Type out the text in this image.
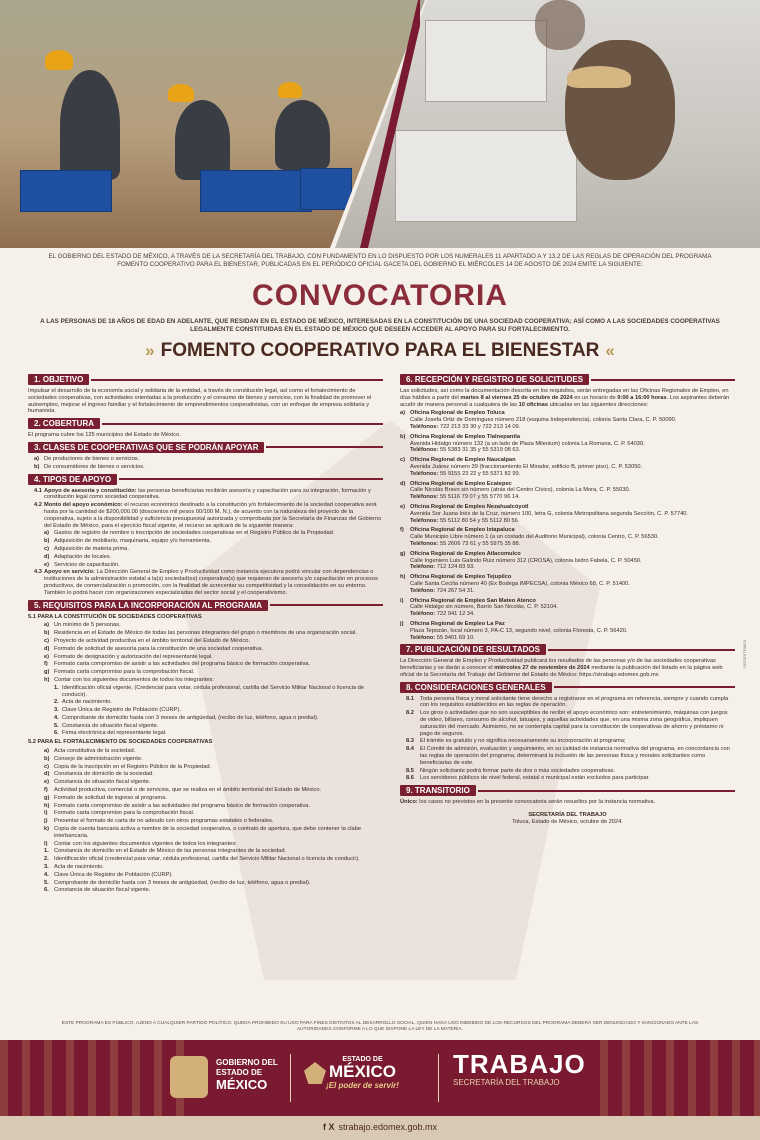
EL GOBIERNO DEL ESTADO DE MÉXICO, A TRAVÉS DE LA SECRETARÍA DEL TRABAJO, CON FUNDAMENTO EN LO DISPUESTO POR LOS NUMERALES 11 APARTADO A Y 13.2 DE LAS REGLAS DE OPERACIÓN DEL PROGRAMA FOMENTO COOPERATIVO PARA EL BIENESTAR, PUBLICADAS EN EL PERIÓDICO OFICIAL GACETA DEL GOBIERNO EL MIÉRCOLES 14 DE AGOSTO DE 2024 EMITE LA SIGUIENTE:
CONVOCATORIA
A LAS PERSONAS DE 18 AÑOS DE EDAD EN ADELANTE, QUE RESIDAN EN EL ESTADO DE MÉXICO, INTERESADAS EN LA CONSTITUCIÓN DE UNA SOCIEDAD COOPERATIVA; ASÍ COMO A LAS SOCIEDADES COOPERATIVAS LEGALMENTE CONSTITUIDAS EN EL ESTADO DE MÉXICO QUE DESEEN ACCEDER AL APOYO PARA SU FORTALECIMIENTO.
» FOMENTO COOPERATIVO PARA EL BIENESTAR «
1. OBJETIVO

Impulsar el desarrollo de la economía social y solidaria de la entidad, a través de constitución legal, así como el fortalecimiento de sociedades cooperativas, con actividades orientadas a la producción y el consumo de bienes y servicios, con la finalidad de promover el autoempleo, mejorar el ingreso familiar y el fortalecimiento de emprendimientos cooperativistas, con un enfoque de empresa solidaria y humanista.

2. COBERTURA

El programa cubre los 125 municipios del Estado de México.

3. CLASES DE COOPERATIVAS QUE SE PODRÁN APOYAR
a) De productores de bienes o servicios.
b) De consumidores de bienes o servicios.
4. TIPOS DE APOYO
4.1 Apoyo de asesoría y constitución: las personas beneficiarias recibirán asesoría y capacitación para su integración, formación y constitución legal como sociedad cooperativa.
4.2 Monto del apoyo económico: el recurso económico destinado a la constitución y/o fortalecimiento de la sociedad cooperativa será hasta por la cantidad de $200,000.00 (doscientos mil pesos 00/100 M. N.), de acuerdo con la naturaleza del proyecto de la cooperativa, sujeto a la disponibilidad y suficiencia presupuestal autorizada y comprobada por la Secretaría de Finanzas del Gobierno del Estado de México, para el ejercicio fiscal vigente, el recurso se aplicará de la siguiente manera:
a) Gastos de registro de nombre o inscripción de sociedades cooperativas en el Registro Público de la Propiedad.
b) Adquisición de mobiliario, maquinaria, equipo y/o herramienta.
c) Adquisición de materia prima.
d) Adaptación de locales.
e) Servicios de capacitación.
4.3 Apoyo en servicio: La Dirección General de Empleo y Productividad como instancia ejecutora podrá vincular con dependencias o instituciones de la administración estatal a la(s) sociedad(es) cooperativa(s) que requieran de asesoría y/o capacitación en procesos productivos, de comercialización o promoción, con la finalidad de acrecentar su competitividad y la consolidación en su entorno. También lo podrá hacer con organizaciones especializadas del sector social y el cooperativismo.
5. REQUISITOS PARA LA INCORPORACIÓN AL PROGRAMA
5.1 PARA LA CONSTITUCIÓN DE SOCIEDADES COOPERATIVAS
a) Un mínimo de 5 personas.
b) Residencia en el Estado de México de todas las personas integrantes del grupo o miembros de una organización social.
c) Proyecto de actividad productiva en el ámbito territorial del Estado de México.
d) Formato de solicitud de asesoría para la constitución de una sociedad cooperativa.
e) Formato de designación y autorización del representante legal.
f)	Formato carta compromiso de asistir a las actividades del programa básico de formación cooperativa.
g) Formato carta compromiso para la comprobación fiscal.
h) Contar con los siguientes documentos de todos los integrantes:
1. Identificación oficial vigente, (Credencial para votar, cédula profesional, cartilla del Servicio Militar Nacional o licencia de conducir).
2. Acta de nacimiento.
3. Clave Única de Registro de Población (CURP).
4. Comprobante de domicilio hasta con 3 meses de antigüedad, (recibo de luz, teléfono, agua o predial).
5. Constancia de situación fiscal vigente.
6. Firma electrónica del representante legal.
5.2 PARA EL FORTALECIMIENTO DE SOCIEDADES COOPERATIVAS
a) Acta constitutiva de la sociedad.
b) Consejo de administración vigente.
c) Copia de la inscripción en el Registro Público de la Propiedad.
d) Constancia de domicilio de la sociedad.
e) Constancia de situación fiscal vigente.
f)	Actividad productiva, comercial o de servicios, que se realiza en el ámbito territorial del Estado de México.
g) Formato de solicitud de ingreso al programa.
h) Formato carta compromiso de asistir a las actividades del programa básico de formación cooperativa.
i)	Formato carta compromiso para la comprobación fiscal.
j)	Presentar el formato de carta de no adeudo con otros programas estatales o federales.
k) Copia de cuenta bancaria activa a nombre de la sociedad cooperativa, o contrato de apertura, que debe contener la clabe interbancaria.
l)	Contar con los siguientes documentos vigentes de todos los integrantes:
1. Constancia de domicilio en el Estado de México de las personas integrantes de la sociedad.
2. Identificación oficial (credencial para votar, cédula profesional, cartilla del Servicio Militar Nacional o licencia de conducir).
3. Acta de nacimiento.
4. Clave Única de Registro de Población (CURP).
5. Comprobante de domicilio hasta con 3 meses de antigüedad, (recibo de luz, teléfono, agua o predial).
6. Constancia de situación fiscal vigente.
6. RECEPCIÓN Y REGISTRO DE SOLICITUDES

Las solicitudes, así como la documentación descrita en los requisitos, serán entregadas en las Oficinas Regionales de Empleo, en días hábiles a partir del martes 8 al viernes 25 de octubre de 2024 en un horario de 9:00 a 16:00 horas. Los aspirantes deberán acudir de manera personal a cualquiera de las 10 oficinas ubicadas en las siguientes direcciones:

a) Oficina Regional de Empleo Toluca
Calle Josefa Ortiz de Domínguez número 218 (esquina Independencia), colonia Santa Clara, C. P. 50090.
Teléfonos: 722 213 33 30 y 722 213 14 09.
b) Oficina Regional de Empleo Tlalnepantla
Avenida Hidalgo número 132 (a un lado de Plaza Milenium) colonia La Romana, C. P. 54030.
Teléfonos: 55 5383 31 35 y 55 5319 08 63.
c) Oficina Regional de Empleo Naucalpan
Avenida Juárez número 39 (fraccionamiento El Mirador, edificio B, primer piso), C. P. 53050.
Teléfonos: 55 9155 23 22 y 55 5371 82 99.
d) Oficina Regional de Empleo Ecatepec
Calle Nicolás Bravo sin número (atrás del Centro Cívico), colonia La Mora, C. P. 55030.
Teléfonos: 55 5116 79 07 y 55 5770 96 14.
e) Oficina Regional de Empleo Nezahualcóyotl
Avenida Sor Juana Inés de la Cruz, número 100, letra G, colonia Metropolitana segunda Sección, C. P. 57740.
Teléfonos: 55 5112 80 54 y 55 5112 80 56.
f)	Oficina Regional de Empleo Ixtapaluca
Calle Municipio Libre número 1 (a un costado del Auditorio Municipal), colonia Centro, C. P. 56530.
Teléfonos: 55 2606 73 61 y 55 5975 35 88.
g) Oficina Regional de Empleo Atlacomulco
Calle Ingeniero Luis Galindo Ruiz número 312 (CROSA), colonia Isidro Fabela, C. P. 50450.
Teléfono: 712 124 83 93.
h) Oficina Regional de Empleo Tejupilco
Calle Santa Cecilia número 40 (Ex Bodega IMPECSA), colonia México 68, C. P. 51400.
Teléfono: 724 267 54 31.
i)	Oficina Regional de Empleo San Mateo Atenco
Calle Hidalgo sin número, Barrio San Nicolás, C. P. 52104.
Teléfono: 722 941 12 34.
j)	Oficina Regional de Empleo La Paz
Plaza Tepozán, local número 3, PA-C 13, segundo nivel, colonia Floresta, C. P. 56420.
Teléfono: 55 9401 69 10.
7. PUBLICACIÓN DE RESULTADOS

La Dirección General de Empleo y Productividad publicará los resultados de las personas y/o de las sociedades cooperativas beneficiarias y se darán a conocer el miércoles 27 de noviembre de 2024 mediante la publicación del listado en la página web oficial de la Secretaría del Trabajo del Gobierno del Estado de México: https://strabajo.edomex.gob.mx

8. CONSIDERACIONES GENERALES
8.1	Toda persona física y moral solicitante tiene derecho a registrarse en el programa en referencia, siempre y cuando cumpla con los requisitos establecidos en las reglas de operación.
8.2	Los giros o actividades que no son susceptibles de recibir el apoyo económico son: entretenimiento, máquinas con juegos de video, billares, consumo de alcohol, tatuajes, y aquellas actividades que, en una misma zona geográfica, impliquen saturación del mercado. Asimismo, no se contempla capital para la constitución de cooperativas de ahorro y préstamo ni pago de seguros.
8.3	El trámite es gratuito y no significa necesariamente su incorporación al programa;
8.4	El Comité de admisión, evaluación y seguimiento, en su calidad de instancia normativa del programa, en concordancia con las reglas de operación del programa; determinará la inclusión de las personas física y morales solicitantes como beneficiarias de este.
8.5	Ningún solicitante podrá formar parte de dos o más sociedades cooperativas.
8.6	Los servidores públicos de nivel federal, estatal o municipal están excluidos para participar.
9. TRANSITORIO

Único: los casos no previstos en la presente convocatoria serán resueltos por la instancia normativa.

SECRETARÍA DEL TRABAJO
Toluca, Estado de México, octubre de 2024.
DEGENTRIB03
ESTE PROGRAMA ES PÚBLICO, AJENO A CUALQUIER PARTIDO POLÍTICO. QUEDA PROHIBIDO SU USO PARA FINES DISTINTOS AL DESARROLLO SOCIAL. QUIEN HAGA USO INDEBIDO DE LOS RECURSOS DEL PROGRAMA DEBERÁ SER DENUNCIADO Y SANCIONADO ANTE LAS AUTORIDADES CONFORME A LO QUE DISPONE LA LEY DE LA MATERIA.
GOBIERNO DEL
ESTADO DE
MÉXICO
ESTADO DE
MÉXICO
¡El poder de servir!
TRABAJO
SECRETARÍA DEL TRABAJO
f X strabajo.edomex.gob.mx
